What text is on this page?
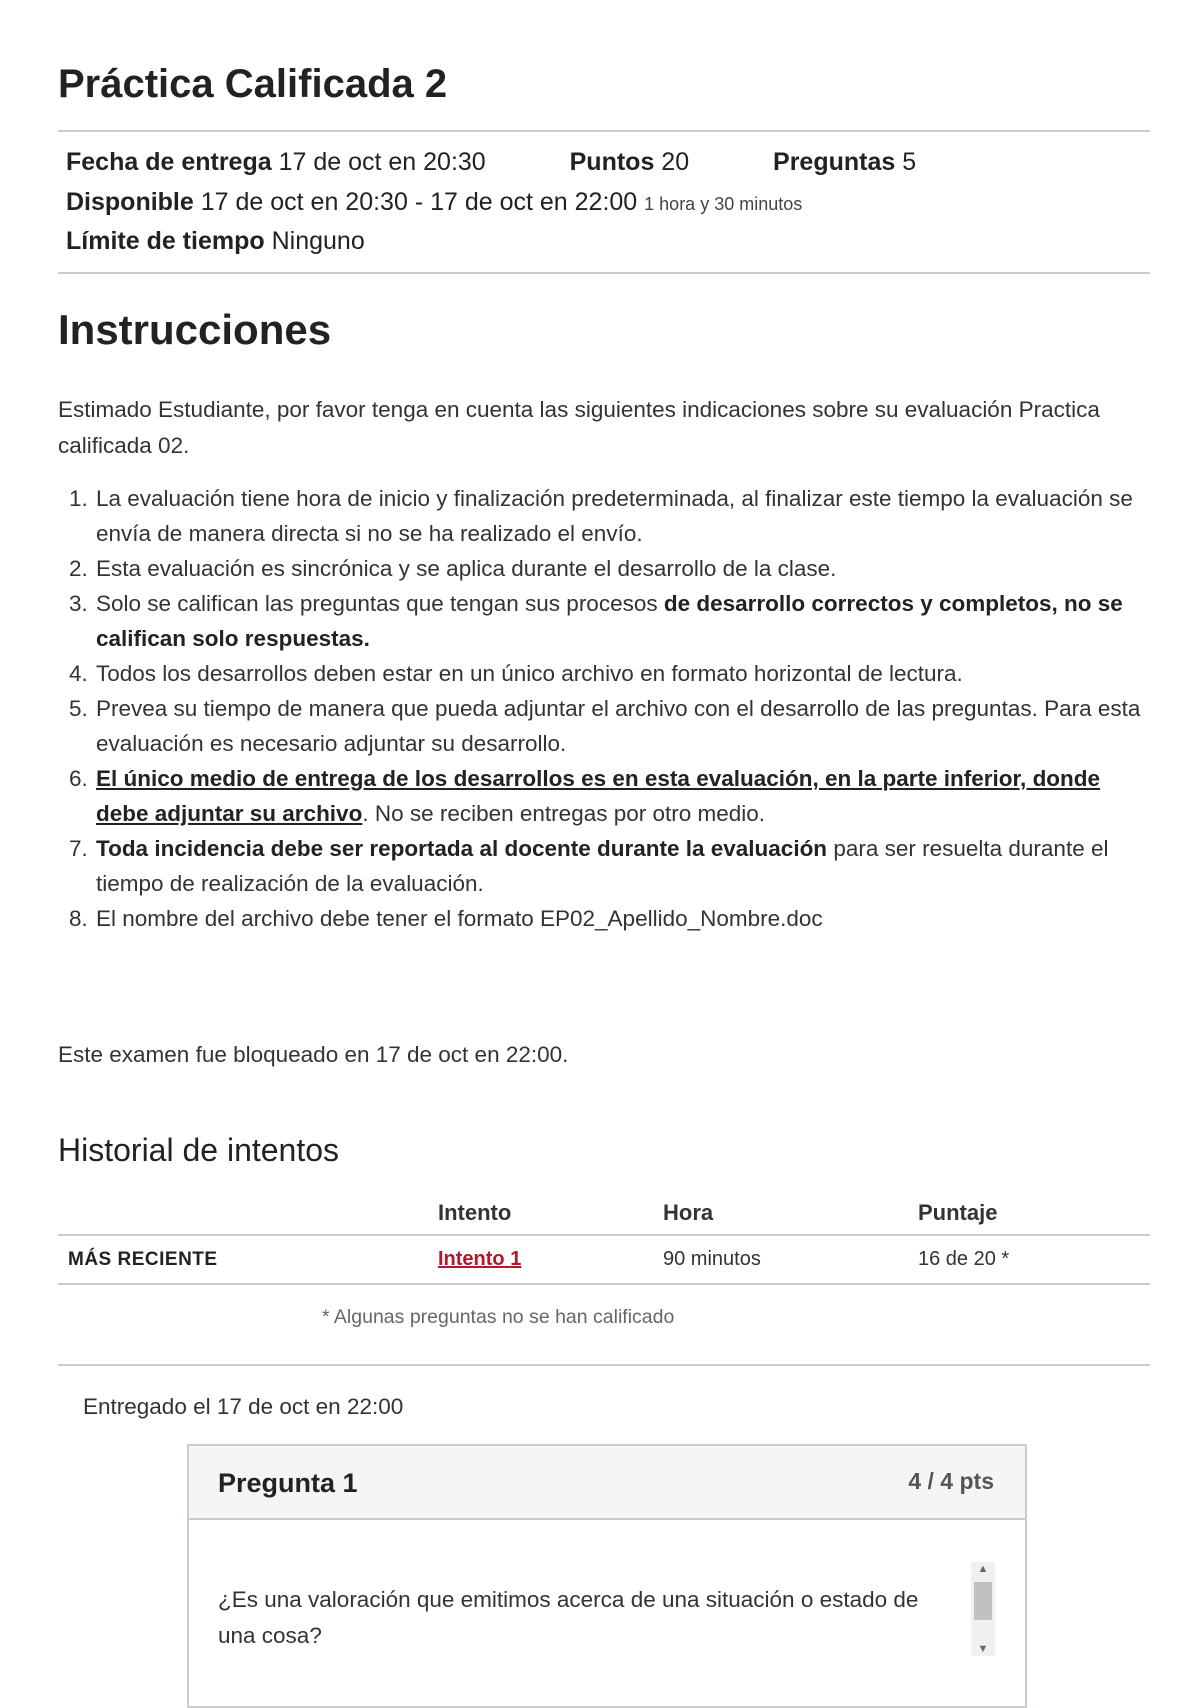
Práctica Calificada 2
Fecha de entrega 17 de oct en 20:30	Puntos 20	Preguntas 5
Disponible 17 de oct en 20:30 - 17 de oct en 22:00 1 hora y 30 minutos
Límite de tiempo Ninguno
Instrucciones
Estimado Estudiante, por favor tenga en cuenta las siguientes indicaciones sobre su evaluación Practica calificada 02.
1. La evaluación tiene hora de inicio y finalización predeterminada, al finalizar este tiempo la evaluación se envía de manera directa si no se ha realizado el envío.
2. Esta evaluación es sincrónica y se aplica durante el desarrollo de la clase.
3. Solo se califican las preguntas que tengan sus procesos de desarrollo correctos y completos, no se califican solo respuestas.
4. Todos los desarrollos deben estar en un único archivo en formato horizontal de lectura.
5. Prevea su tiempo de manera que pueda adjuntar el archivo con el desarrollo de las preguntas. Para esta evaluación es necesario adjuntar su desarrollo.
6. El único medio de entrega de los desarrollos es en esta evaluación, en la parte inferior, donde debe adjuntar su archivo. No se reciben entregas por otro medio.
7. Toda incidencia debe ser reportada al docente durante la evaluación para ser resuelta durante el tiempo de realización de la evaluación.
8. El nombre del archivo debe tener el formato EP02_Apellido_Nombre.doc
Este examen fue bloqueado en 17 de oct en 22:00.
Historial de intentos
	Intento	Hora	Puntaje
MÁS RECIENTE	Intento 1	90 minutos	16 de 20 *
* Algunas preguntas no se han calificado
Entregado el 17 de oct en 22:00
Pregunta 1	4 / 4 pts
¿Es una valoración que emitimos acerca de una situación o estado de una cosa?
▲
▼
